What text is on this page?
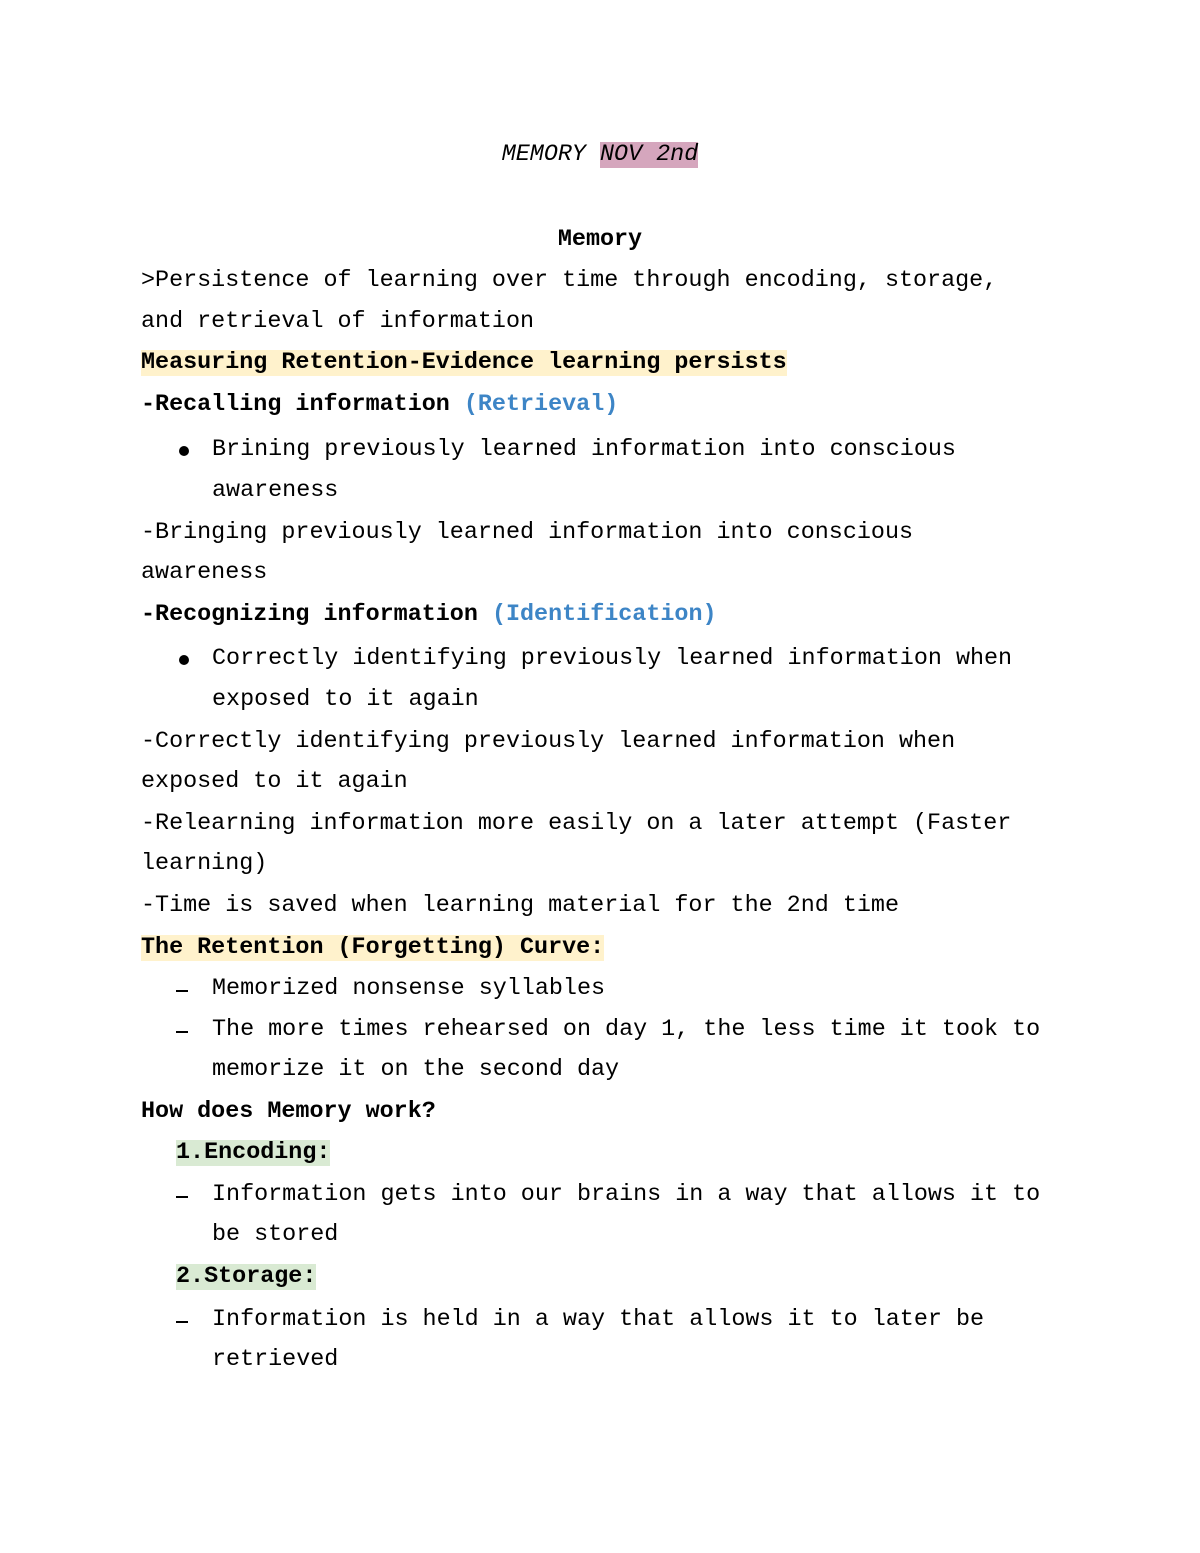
MEMORY NOV 2nd
Memory
>Persistence of learning over time through encoding, storage,
and retrieval of information
Measuring Retention-Evidence learning persists
-Recalling information (Retrieval)
Brining previously learned information into conscious
awareness
-Bringing previously learned information into conscious
awareness
-Recognizing information (Identification)
Correctly identifying previously learned information when
exposed to it again
-Correctly identifying previously learned information when
exposed to it again
-Relearning information more easily on a later attempt (Faster
learning)
-Time is saved when learning material for the 2nd time
The Retention (Forgetting) Curve:
Memorized nonsense syllables
The more times rehearsed on day 1, the less time it took to
memorize it on the second day
How does Memory work?
1.Encoding:
Information gets into our brains in a way that allows it to
be stored
2.Storage:
Information is held in a way that allows it to later be
retrieved
